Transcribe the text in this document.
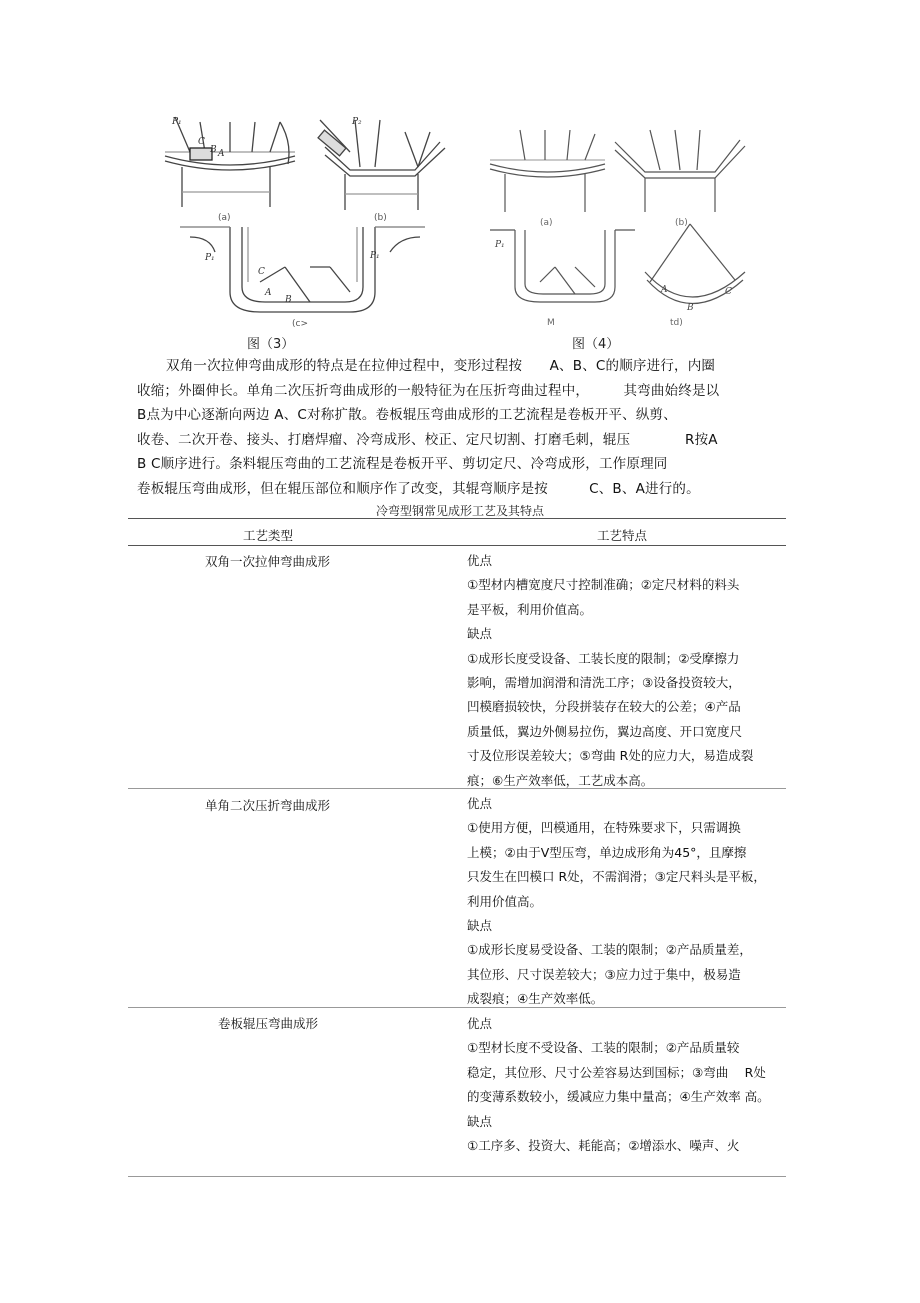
P₁
C
B A
P₂
P₁	P₁
C
A
B
(a)	(b)
(c>
P₁
A
B
C
(a)	(b)
M	td)
图（3）	图（4）
双角一次拉伸弯曲成形的特点是在拉伸过程中，变形过程按　　A、B、C的顺序进行，内圈
收缩；外圈伸长。单角二次压折弯曲成形的一般特征为在压折弯曲过程中，　　　其弯曲始终是以
B点为中心逐渐向两边 A、C对称扩散。卷板辊压弯曲成形的工艺流程是卷板开平、纵剪、
收卷、二次开卷、接头、打磨焊瘤、冷弯成形、校正、定尺切割、打磨毛刺，辊压　　　　R按A
B C顺序进行。条料辊压弯曲的工艺流程是卷板开平、剪切定尺、冷弯成形，工作原理同
卷板辊压弯曲成形，但在辊压部位和顺序作了改变，其辊弯顺序是按　　　C、B、A进行的。
冷弯型钢常见成形工艺及其特点
工艺类型	工艺特点
双角一次拉伸弯曲成形	优点
①型材内槽宽度尺寸控制准确；②定尺材料的料头
是平板，利用价值高。
缺点
①成形长度受设备、工装长度的限制；②受摩擦力
影响，需增加润滑和清洗工序；③设备投资较大，
凹模磨损较快，分段拼装存在较大的公差；④产品
质量低，翼边外侧易拉伤，翼边高度、开口宽度尺
寸及位形误差较大；⑤弯曲 R处的应力大，易造成裂
痕；⑥生产效率低，工艺成本高。
单角二次压折弯曲成形	优点
①使用方便，凹模通用，在特殊要求下，只需调换
上模；②由于V型压弯，单边成形角为45°，且摩擦
只发生在凹模口 R处，不需润滑；③定尺料头是平板，
利用价值高。
缺点
①成形长度易受设备、工装的限制；②产品质量差，
其位形、尺寸误差较大；③应力过于集中，极易造
成裂痕；④生产效率低。
卷板辊压弯曲成形	优点
①型材长度不受设备、工装的限制；②产品质量较
稳定，其位形、尺寸公差容易达到国标；③弯曲　 R处
的变薄系数较小，缓减应力集中量高；④生产效率 高。
缺点
①工序多、投资大、耗能高；②增添水、噪声、火
